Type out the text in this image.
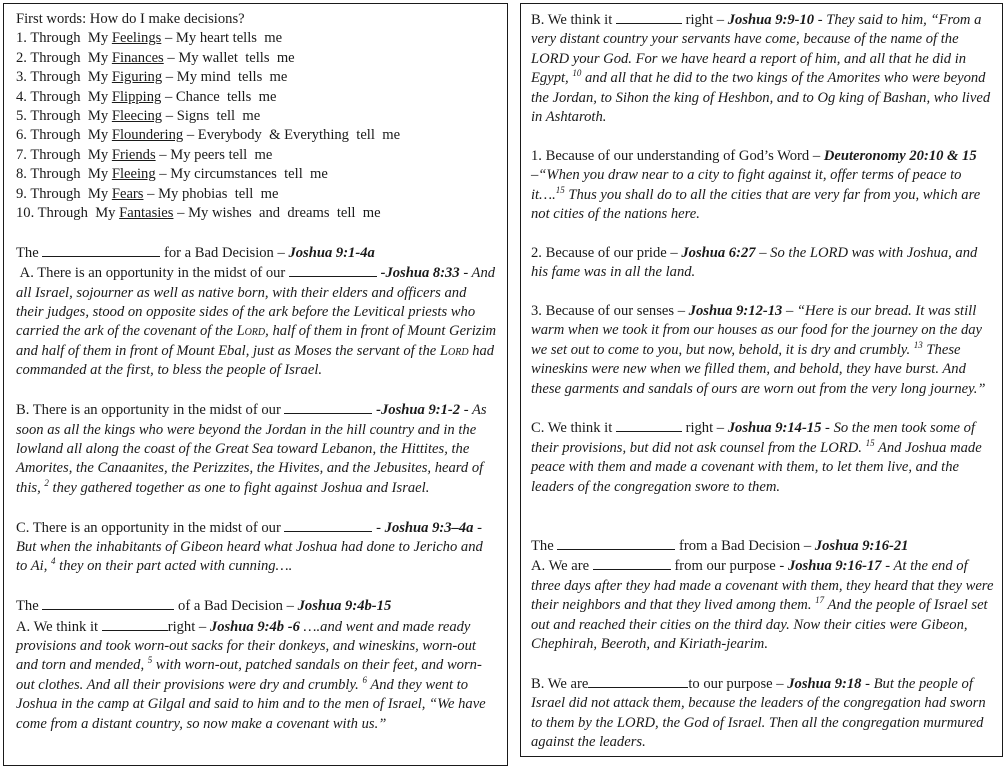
First words: How do I make decisions?
1. Through  My Feelings – My heart tells  me
2. Through  My Finances – My wallet  tells  me
3. Through  My Figuring – My mind  tells  me
4. Through  My Flipping – Chance  tells  me
5. Through  My Fleecing – Signs  tell  me
6. Through  My Floundering – Everybody  & Everything  tell  me
7. Through  My Friends – My peers tell  me
8. Through  My Fleeing – My circumstances  tell  me
9. Through  My Fears – My phobias  tell  me
10. Through  My Fantasies – My wishes  and  dreams  tell  me
The	for a Bad Decision – Joshua 9:1-4a
A. There is an opportunity in the midst of our	-Joshua 8:33 - And all Israel, sojourner as well as native born, with their elders and officers and their judges, stood on opposite sides of the ark before the Levitical priests who carried the ark of the covenant of the Lord, half of them in front of Mount Gerizim and half of them in front of Mount Ebal, just as Moses the servant of the Lord had commanded at the first, to bless the people of Israel.
B. There is an opportunity in the midst of our	-Joshua 9:1-2 - As soon as all the kings who were beyond the Jordan in the hill country and in the lowland all along the coast of the Great Sea toward Lebanon, the Hittites, the Amorites, the Canaanites, the Perizzites, the Hivites, and the Jebusites, heard of this, $^2$ they gathered together as one to fight against Joshua and Israel.
C. There is an opportunity in the midst of our	- Joshua 9:3–4a - But when the inhabitants of Gibeon heard what Joshua had done to Jericho and to Ai, $^4$ they on their part acted with cunning….
The	of a Bad Decision – Joshua 9:4b-15
A. We think it	right – Joshua 9:4b -6 ….and went and made ready provisions and took worn-out sacks for their donkeys, and wineskins, worn-out and torn and mended, $^5$ with worn-out, patched sandals on their feet, and worn-out clothes. And all their provisions were dry and crumbly. $^6$ And they went to Joshua in the camp at Gilgal and said to him and to the men of Israel, “We have come from a distant country, so now make a covenant with us.”
B. We think it	right – Joshua 9:9-10 - They said to him, “From a very distant country your servants have come, because of the name of the LORD your God. For we have heard a report of him, and all that he did in Egypt, $^{10}$ and all that he did to the two kings of the Amorites who were beyond the Jordan, to Sihon the king of Heshbon, and to Og king of Bashan, who lived in Ashtaroth.
1. Because of our understanding of God’s Word – Deuteronomy 20:10 & 15 –“When you draw near to a city to fight against it, offer terms of peace to it….$^{15}$ Thus you shall do to all the cities that are very far from you, which are not cities of the nations here.
2. Because of our pride – Joshua 6:27 – So the LORD was with Joshua, and his fame was in all the land.
3. Because of our senses – Joshua 9:12-13 – “Here is our bread. It was still warm when we took it from our houses as our food for the journey on the day we set out to come to you, but now, behold, it is dry and crumbly. $^{13}$ These wineskins were new when we filled them, and behold, they have burst. And these garments and sandals of ours are worn out from the very long journey.”
C. We think it	right – Joshua 9:14-15 - So the men took some of their provisions, but did not ask counsel from the LORD. $^{15}$ And Joshua made peace with them and made a covenant with them, to let them live, and the leaders of the congregation swore to them.
The	from a Bad Decision – Joshua 9:16-21
A. We are	from our purpose - Joshua 9:16-17 - At the end of three days after they had made a covenant with them, they heard that they were their neighbors and that they lived among them. $^{17}$ And the people of Israel set out and reached their cities on the third day. Now their cities were Gibeon, Chephirah, Beeroth, and Kiriath-jearim.
B. We are	to our purpose – Joshua 9:18 - But the people of Israel did not attack them, because the leaders of the congregation had sworn to them by the LORD, the God of Israel. Then all the congregation murmured against the leaders.
